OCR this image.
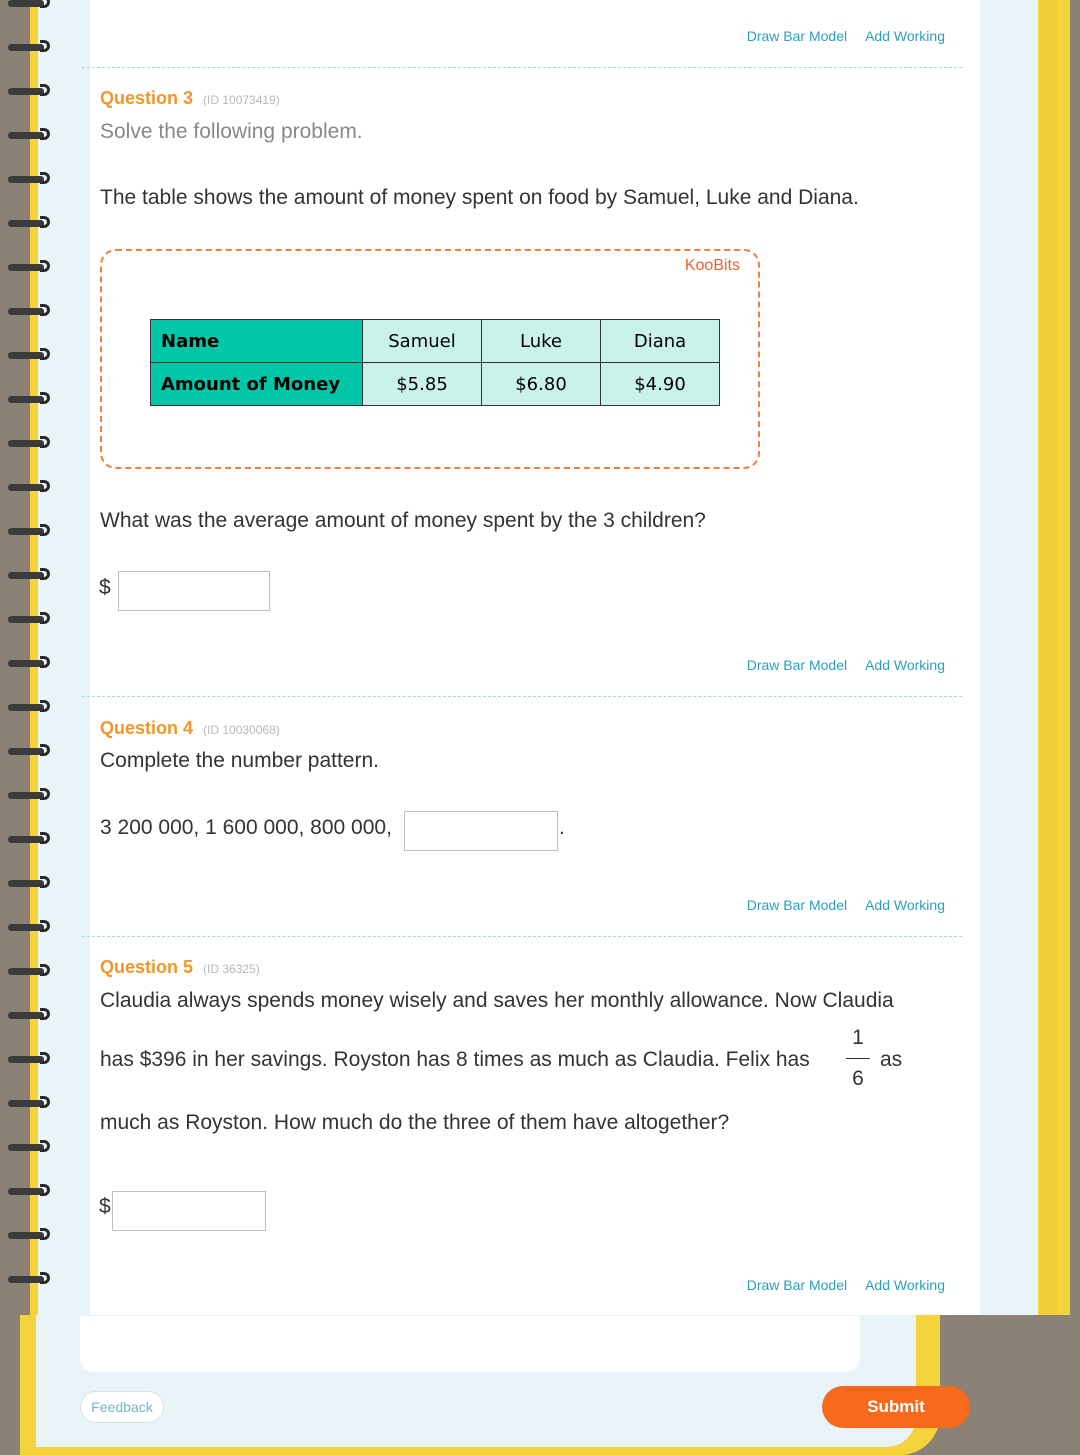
Draw Bar Model Add Working
Question 3 (ID 10073419)
Solve the following problem.
The table shows the amount of money spent on food by Samuel, Luke and Diana.
KooBits
Name	Samuel	Luke	Diana
Amount of Money	$5.85	$6.80	$4.90
What was the average amount of money spent by the 3 children?
$
Draw Bar Model Add Working
Question 4 (ID 10030068)
Complete the number pattern.
3 200 000, 1 600 000, 800 000,	.
Draw Bar Model Add Working
Question 5 (ID 36325)
Claudia always spends money wisely and saves her monthly allowance. Now Claudia
has $396 in her savings. Royston has 8 times as much as Claudia. Felix has
1
6
as
much as Royston. How much do the three of them have altogether?
$
Draw Bar Model Add Working
Feedback	Submit
